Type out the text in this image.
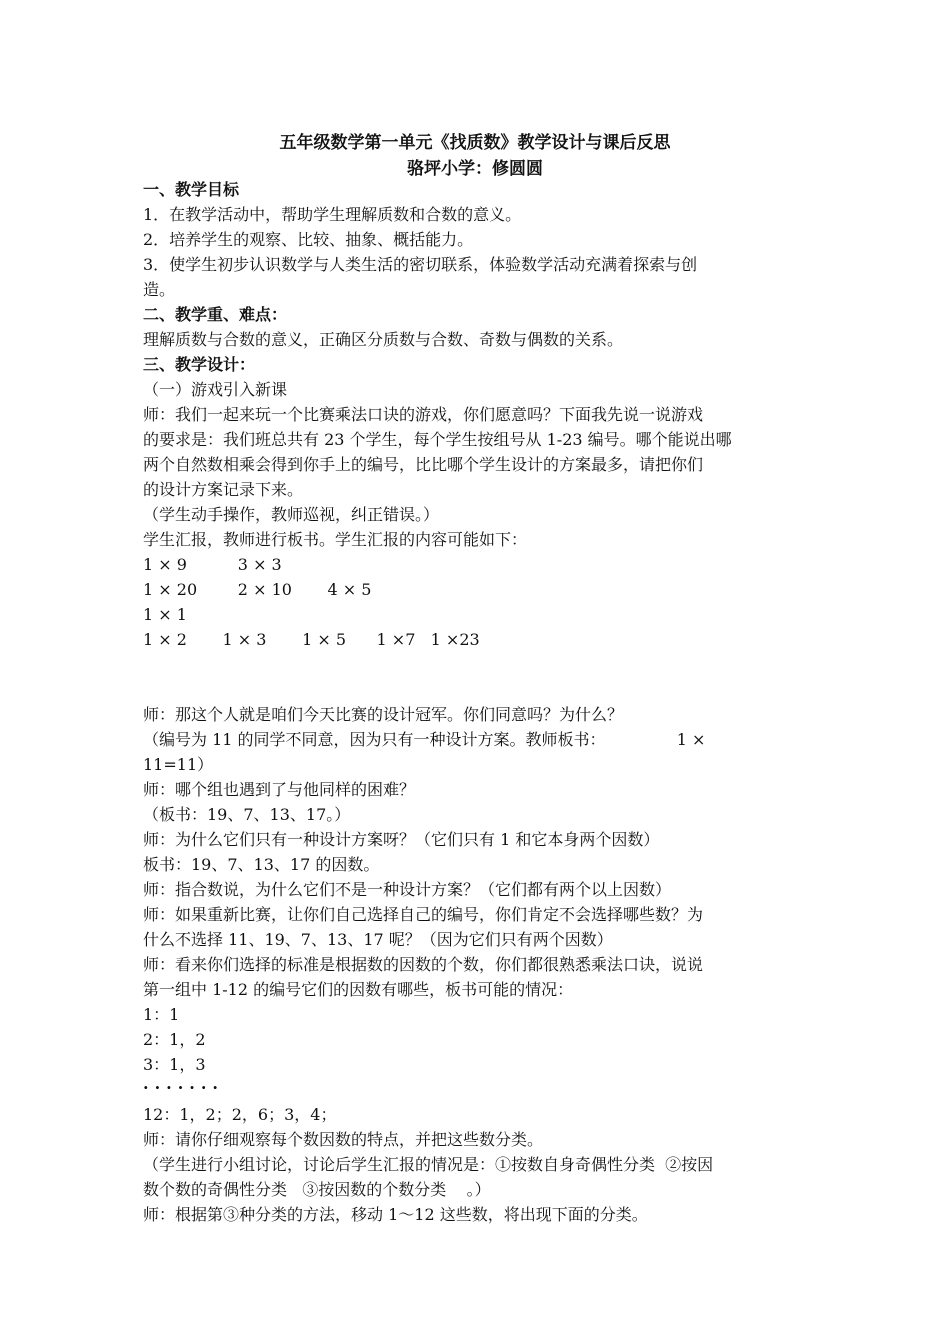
五年级数学第一单元《找质数》教学设计与课后反思
骆坪小学：修圆圆
一、教学目标
1．在教学活动中，帮助学生理解质数和合数的意义。
2．培养学生的观察、比较、抽象、概括能力。
3．使学生初步认识数学与人类生活的密切联系，体验数学活动充满着探索与创
造。
二、教学重、难点：
理解质数与合数的意义，正确区分质数与合数、奇数与偶数的关系。
三、教学设计：
（一）游戏引入新课
师：我们一起来玩一个比赛乘法口诀的游戏，你们愿意吗？下面我先说一说游戏
的要求是：我们班总共有 23 个学生，每个学生按组号从 1-23 编号。哪个能说出哪
两个自然数相乘会得到你手上的编号，比比哪个学生设计的方案最多，请把你们
的设计方案记录下来。
（学生动手操作，教师巡视，纠正错误。）
学生汇报，教师进行板书。学生汇报的内容可能如下：
1 × 9          3 × 3
1 × 20        2 × 10       4 × 5
1 × 1
1 × 2       1 × 3       1 × 5      1 ×7   1 ×23
师：那这个人就是咱们今天比赛的设计冠军。你们同意吗？为什么？
（编号为 11 的同学不同意，因为只有一种设计方案。教师板书：              1 ×
11=11）
师：哪个组也遇到了与他同样的困难？
（板书：19、7、13、17。）
师：为什么它们只有一种设计方案呀？（它们只有 1 和它本身两个因数）
板书：19、7、13、17 的因数。
师：指合数说，为什么它们不是一种设计方案？（它们都有两个以上因数）
师：如果重新比赛，让你们自己选择自己的编号，你们肯定不会选择哪些数？为
什么不选择 11、19、7、13、17 呢？（因为它们只有两个因数）
师：看来你们选择的标准是根据数的因数的个数，你们都很熟悉乘法口诀，说说
第一组中 1-12 的编号它们的因数有哪些，板书可能的情况：
1：1
2：1，2
3：1，3
·······
12：1，2；2，6；3，4；
师：请你仔细观察每个数因数的特点，并把这些数分类。
（学生进行小组讨论，讨论后学生汇报的情况是：①按数自身奇偶性分类  ②按因
数个数的奇偶性分类   ③按因数的个数分类    。）
师：根据第③种分类的方法，移动 1～12 这些数，将出现下面的分类。
